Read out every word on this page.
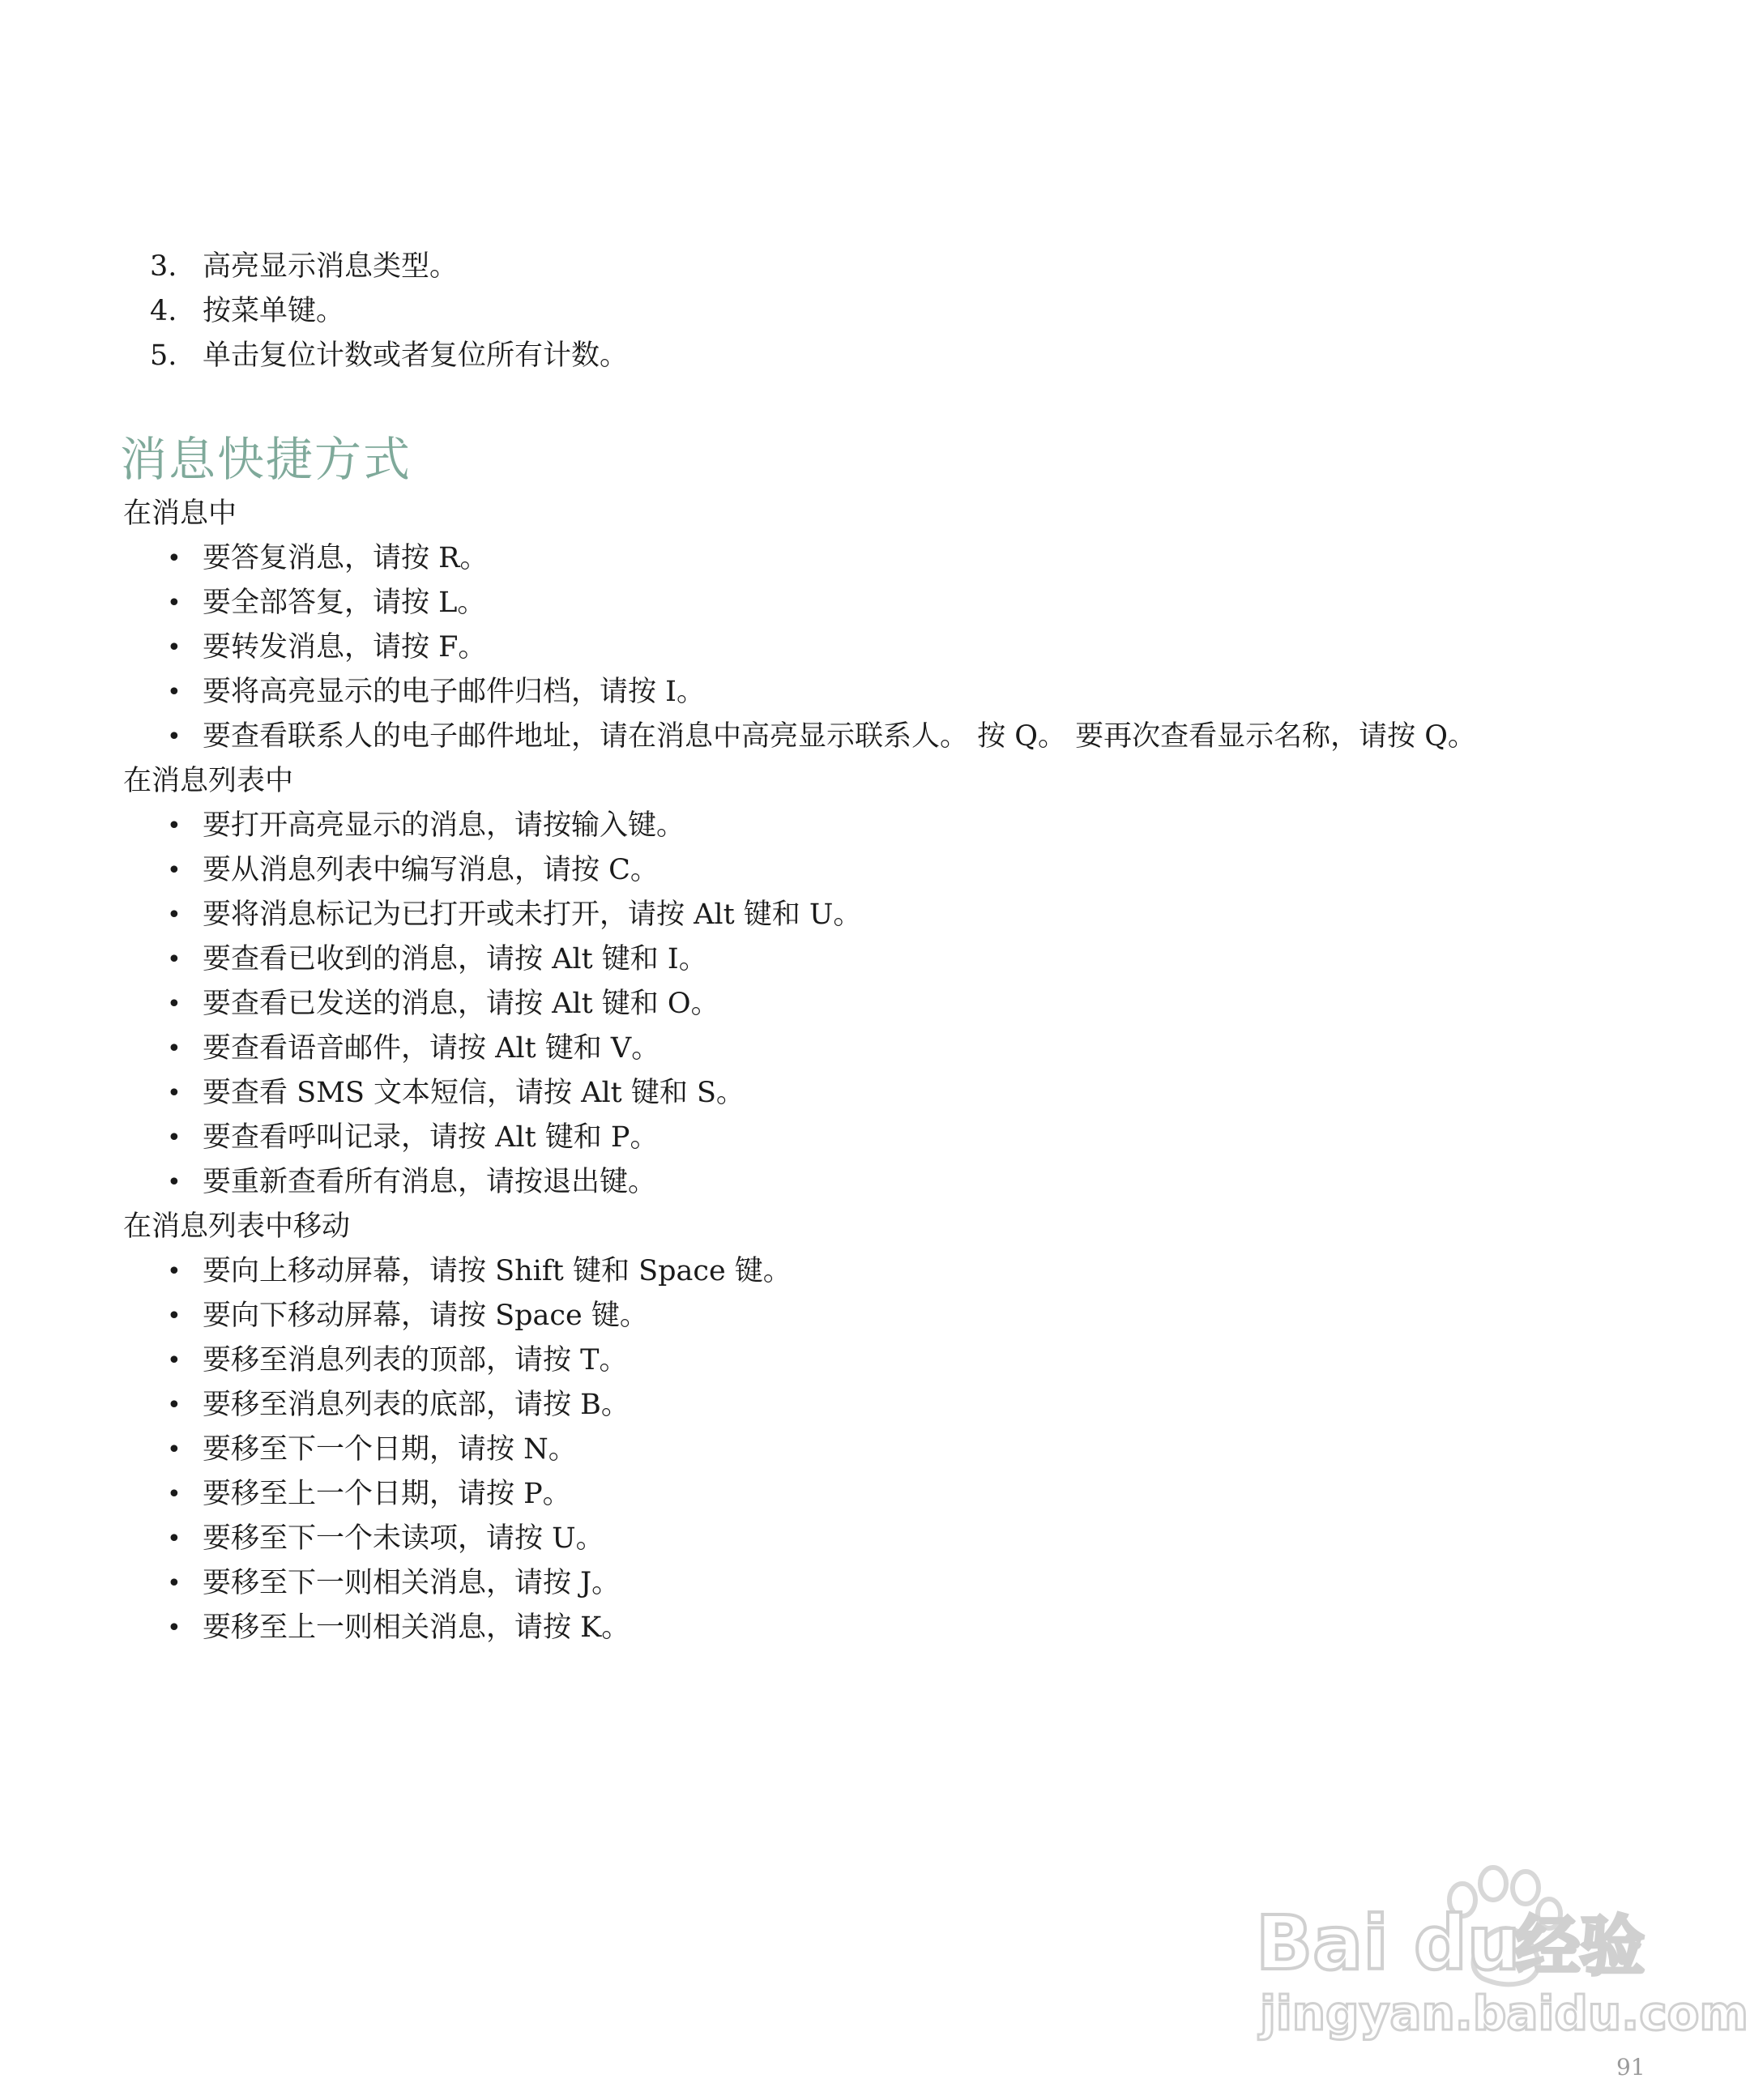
3. 高亮显示消息类型。
4. 按菜单键。
5. 单击复位计数或者复位所有计数。
消息快捷方式
在消息中
• 要答复消息，请按 R。
• 要全部答复，请按 L。
• 要转发消息，请按 F。
• 要将高亮显示的电子邮件归档，请按 I。
• 要查看联系人的电子邮件地址，请在消息中高亮显示联系人。 按 Q。 要再次查看显示名称，请按 Q。
在消息列表中
• 要打开高亮显示的消息，请按输入键。
• 要从消息列表中编写消息，请按 C。
• 要将消息标记为已打开或未打开，请按 Alt 键和 U。
• 要查看已收到的消息，请按 Alt 键和 I。
• 要查看已发送的消息，请按 Alt 键和 O。
• 要查看语音邮件，请按 Alt 键和 V。
• 要查看 SMS 文本短信，请按 Alt 键和 S。
• 要查看呼叫记录，请按 Alt 键和 P。
• 要重新查看所有消息，请按退出键。
在消息列表中移动
• 要向上移动屏幕，请按 Shift 键和 Space 键。
• 要向下移动屏幕，请按 Space 键。
• 要移至消息列表的顶部，请按 T。
• 要移至消息列表的底部，请按 B。
• 要移至下一个日期，请按 N。
• 要移至上一个日期，请按 P。
• 要移至下一个未读项，请按 U。
• 要移至下一则相关消息，请按 J。
• 要移至上一则相关消息，请按 K。
Bai du
经验
jingyan.baidu.com
91
